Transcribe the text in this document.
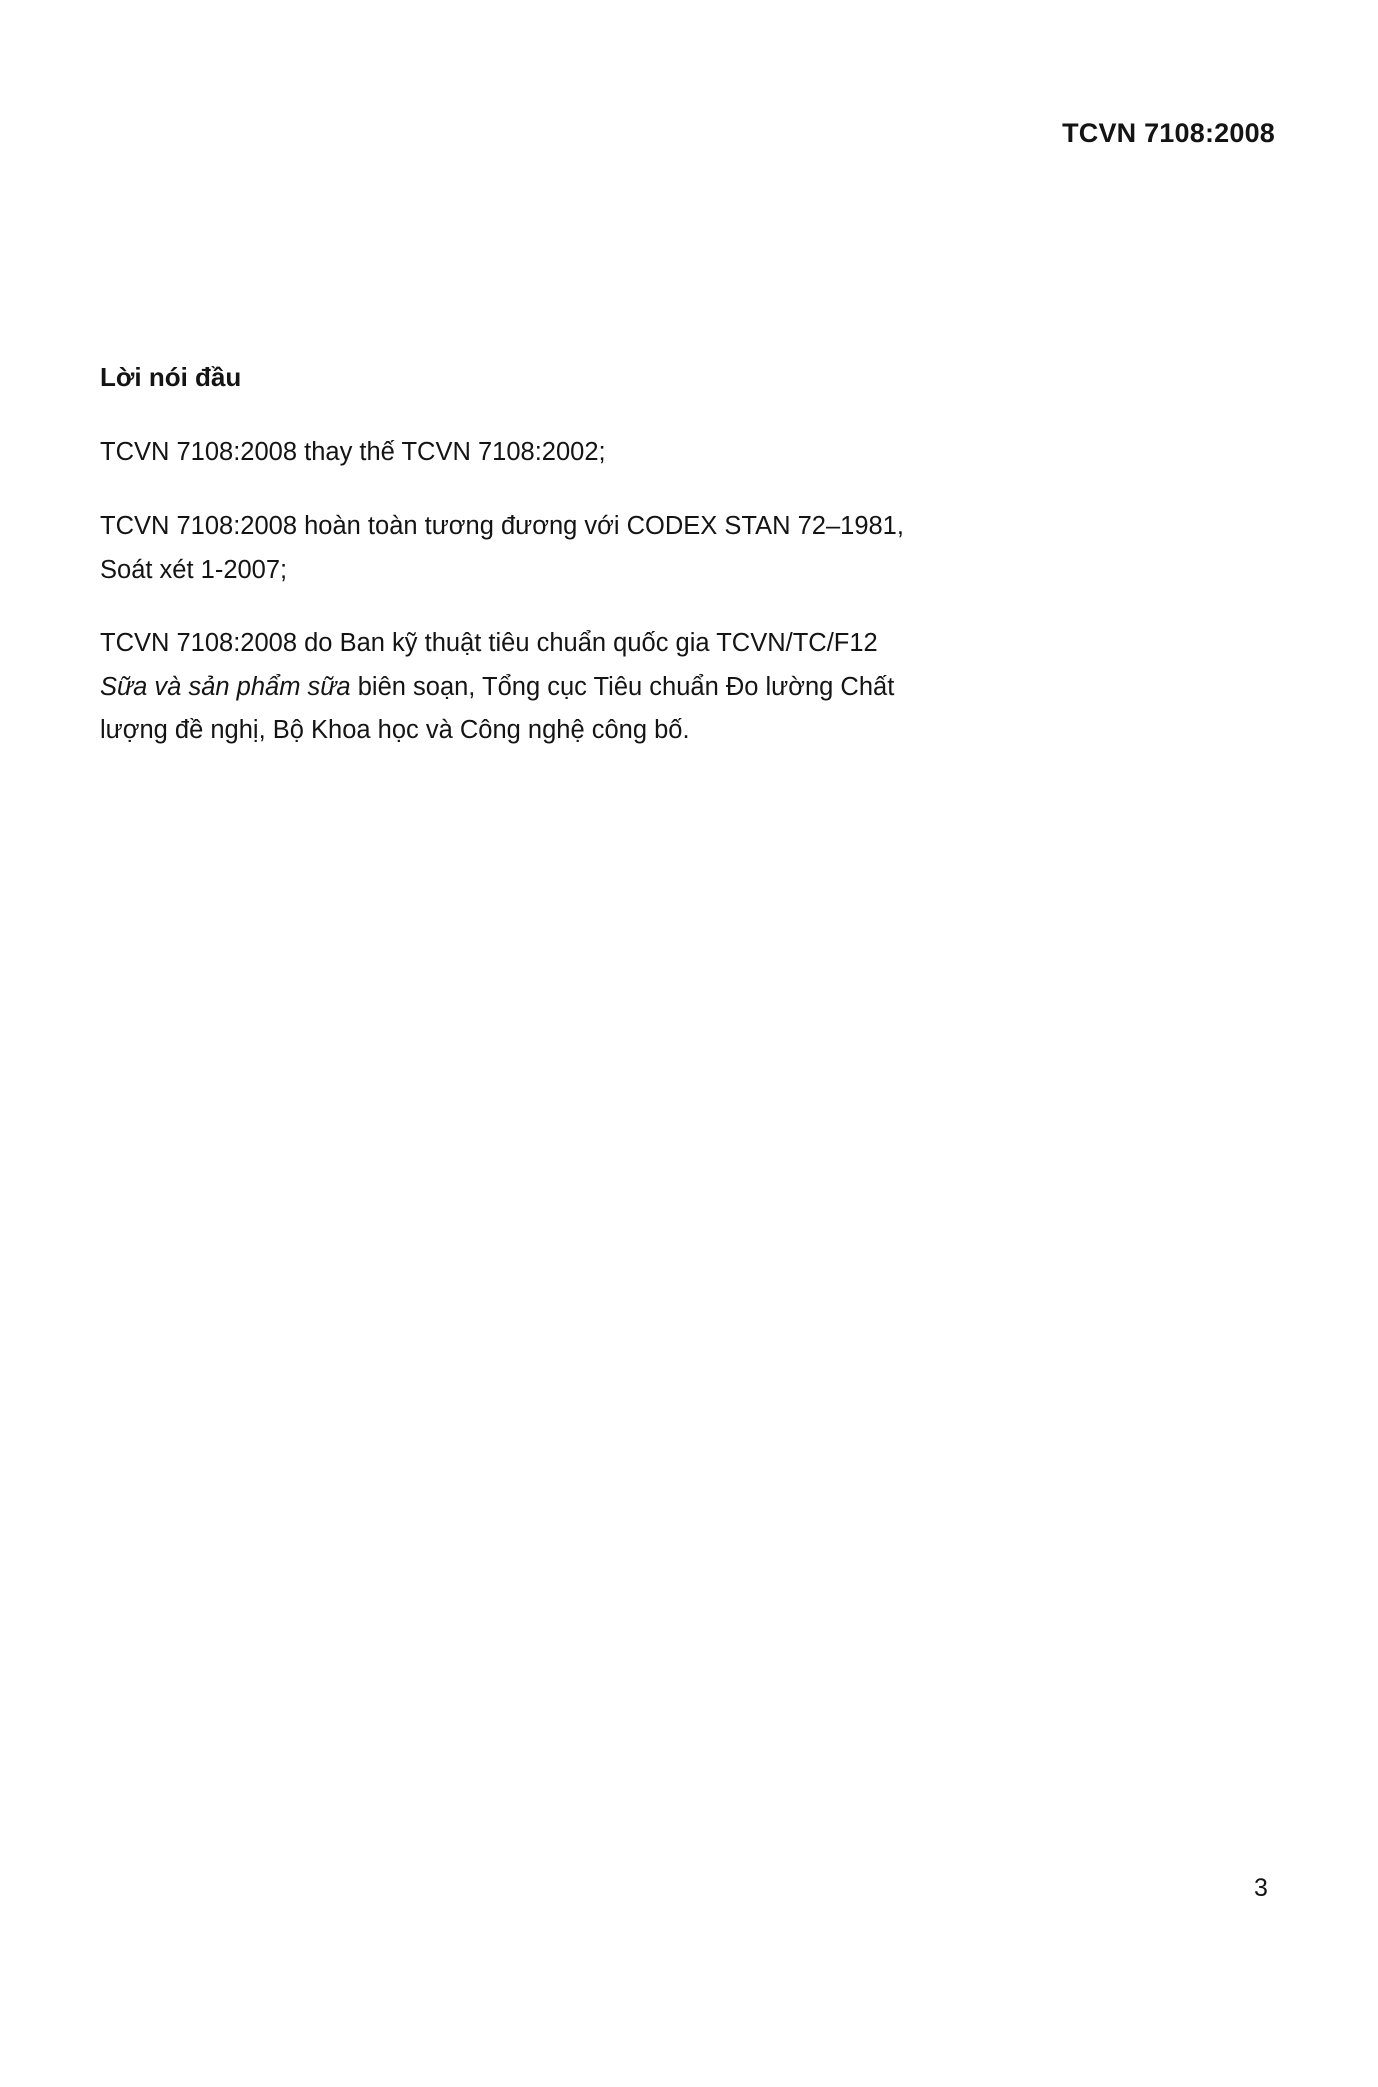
TCVN 7108:2008
Lời nói đầu
TCVN 7108:2008 thay thế TCVN 7108:2002;
TCVN 7108:2008 hoàn toàn tương đương với CODEX STAN 72–1981,
Soát xét 1-2007;
TCVN 7108:2008 do Ban kỹ thuật tiêu chuẩn quốc gia TCVN/TC/F12
Sữa và sản phẩm sữa biên soạn, Tổng cục Tiêu chuẩn Đo lường Chất
lượng đề nghị, Bộ Khoa học và Công nghệ công bố.
3
